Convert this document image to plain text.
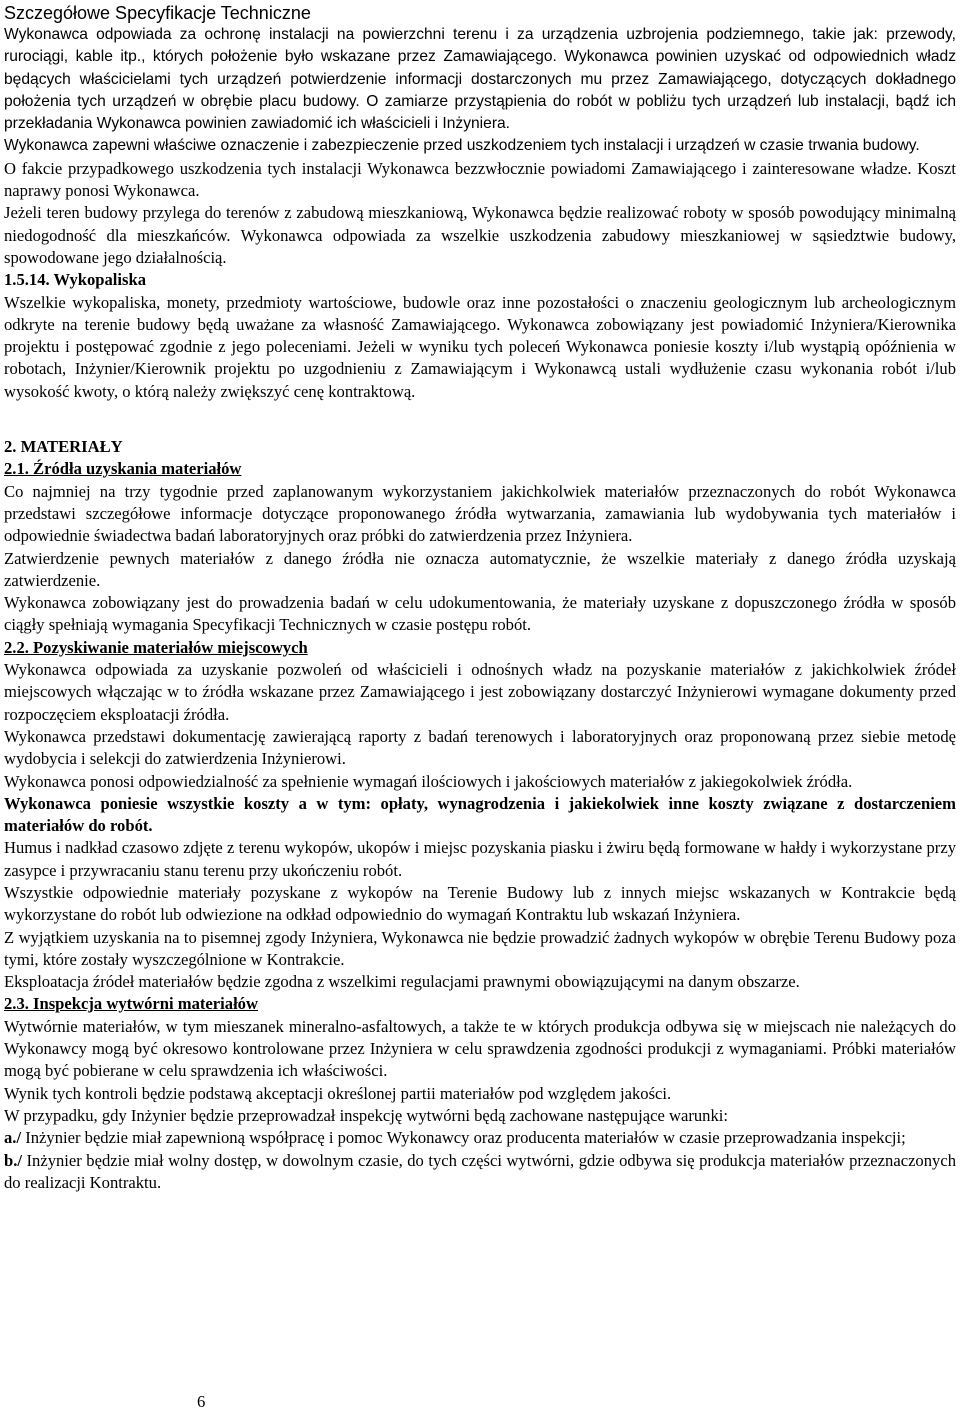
Szczegółowe Specyfikacje Techniczne

Wykonawca odpowiada za ochronę instalacji na powierzchni terenu i za urządzenia uzbrojenia podziemnego, takie jak: przewody, rurociągi, kable itp., których położenie było wskazane przez Zamawiającego. Wykonawca powinien uzyskać od odpowiednich władz będących właścicielami tych urządzeń potwierdzenie informacji dostarczonych mu przez Zamawiającego, dotyczących dokładnego położenia tych urządzeń w obrębie placu budowy. O zamiarze przystąpienia do robót w pobliżu tych urządzeń lub instalacji, bądź ich przekładania Wykonawca powinien zawiadomić ich właścicieli i Inżyniera.

Wykonawca zapewni właściwe oznaczenie i zabezpieczenie przed uszkodzeniem tych instalacji i urządzeń w czasie trwania budowy.

O fakcie przypadkowego uszkodzenia tych instalacji Wykonawca bezzwłocznie powiadomi Zamawiającego i zainteresowane władze. Koszt naprawy ponosi Wykonawca.

Jeżeli teren budowy przylega do terenów z zabudową mieszkaniową, Wykonawca będzie realizować roboty w sposób powodujący minimalną niedogodność dla mieszkańców. Wykonawca odpowiada za wszelkie uszkodzenia zabudowy mieszkaniowej w sąsiedztwie budowy, spowodowane jego działalnością.

1.5.14. Wykopaliska

Wszelkie wykopaliska, monety, przedmioty wartościowe, budowle oraz inne pozostałości o znaczeniu geologicznym lub archeologicznym odkryte na terenie budowy będą uważane za własność Zamawiającego. Wykonawca zobowiązany jest powiadomić Inżyniera/Kierownika projektu i postępować zgodnie z jego poleceniami. Jeżeli w wyniku tych poleceń Wykonawca poniesie koszty i/lub wystąpią opóźnienia w robotach, Inżynier/Kierownik projektu po uzgodnieniu z Zamawiającym i Wykonawcą ustali wydłużenie czasu wykonania robót i/lub wysokość kwoty, o którą należy zwiększyć cenę kontraktową.

2. MATERIAŁY

2.1. Źródła uzyskania materiałów

Co najmniej na trzy tygodnie przed zaplanowanym wykorzystaniem jakichkolwiek materiałów przeznaczonych do robót Wykonawca przedstawi szczegółowe informacje dotyczące proponowanego źródła wytwarzania, zamawiania lub wydobywania tych materiałów i odpowiednie świadectwa badań laboratoryjnych oraz próbki do zatwierdzenia przez Inżyniera.

Zatwierdzenie pewnych materiałów z danego źródła nie oznacza automatycznie, że wszelkie materiały z danego źródła uzyskają zatwierdzenie.

Wykonawca zobowiązany jest do prowadzenia badań w celu udokumentowania, że materiały uzyskane z dopuszczonego źródła w sposób ciągły spełniają wymagania Specyfikacji Technicznych w czasie postępu robót.

2.2. Pozyskiwanie materiałów miejscowych

Wykonawca odpowiada za uzyskanie pozwoleń od właścicieli i odnośnych władz na pozyskanie materiałów z jakichkolwiek źródeł miejscowych włączając w to źródła wskazane przez Zamawiającego i jest zobowiązany dostarczyć Inżynierowi wymagane dokumenty przed rozpoczęciem eksploatacji źródła.

Wykonawca przedstawi dokumentację zawierającą raporty z badań terenowych i laboratoryjnych oraz proponowaną przez siebie metodę wydobycia i selekcji do zatwierdzenia Inżynierowi.

Wykonawca ponosi odpowiedzialność za spełnienie wymagań ilościowych i jakościowych materiałów z jakiegokolwiek źródła.

Wykonawca poniesie wszystkie koszty a w tym: opłaty, wynagrodzenia i jakiekolwiek inne koszty związane z dostarczeniem materiałów do robót.

Humus i nadkład czasowo zdjęte z terenu wykopów, ukopów i miejsc pozyskania piasku i żwiru będą formowane w hałdy i wykorzystane przy zasypce i przywracaniu stanu terenu przy ukończeniu robót.

Wszystkie odpowiednie materiały pozyskane z wykopów na Terenie Budowy lub z innych miejsc wskazanych w Kontrakcie będą wykorzystane do robót lub odwiezione na odkład odpowiednio do wymagań Kontraktu lub wskazań Inżyniera.

Z wyjątkiem uzyskania na to pisemnej zgody Inżyniera, Wykonawca nie będzie prowadzić żadnych wykopów w obrębie Terenu Budowy poza tymi, które zostały wyszczególnione w Kontrakcie.

Eksploatacja źródeł materiałów będzie zgodna z wszelkimi regulacjami prawnymi obowiązującymi na danym obszarze.

2.3. Inspekcja wytwórni materiałów

Wytwórnie materiałów, w tym mieszanek mineralno-asfaltowych, a także te w których produkcja odbywa się w miejscach nie należących do Wykonawcy mogą być okresowo kontrolowane przez Inżyniera w celu sprawdzenia zgodności produkcji z wymaganiami. Próbki materiałów mogą być pobierane w celu sprawdzenia ich właściwości.

Wynik tych kontroli będzie podstawą akceptacji określonej partii materiałów pod względem jakości.

W przypadku, gdy Inżynier będzie przeprowadzał inspekcję wytwórni będą zachowane następujące warunki:

a./ Inżynier będzie miał zapewnioną współpracę i pomoc Wykonawcy oraz producenta materiałów w czasie przeprowadzania inspekcji;

b./ Inżynier będzie miał wolny dostęp, w dowolnym czasie, do tych części wytwórni, gdzie odbywa się produkcja materiałów przeznaczonych do realizacji Kontraktu.

6
